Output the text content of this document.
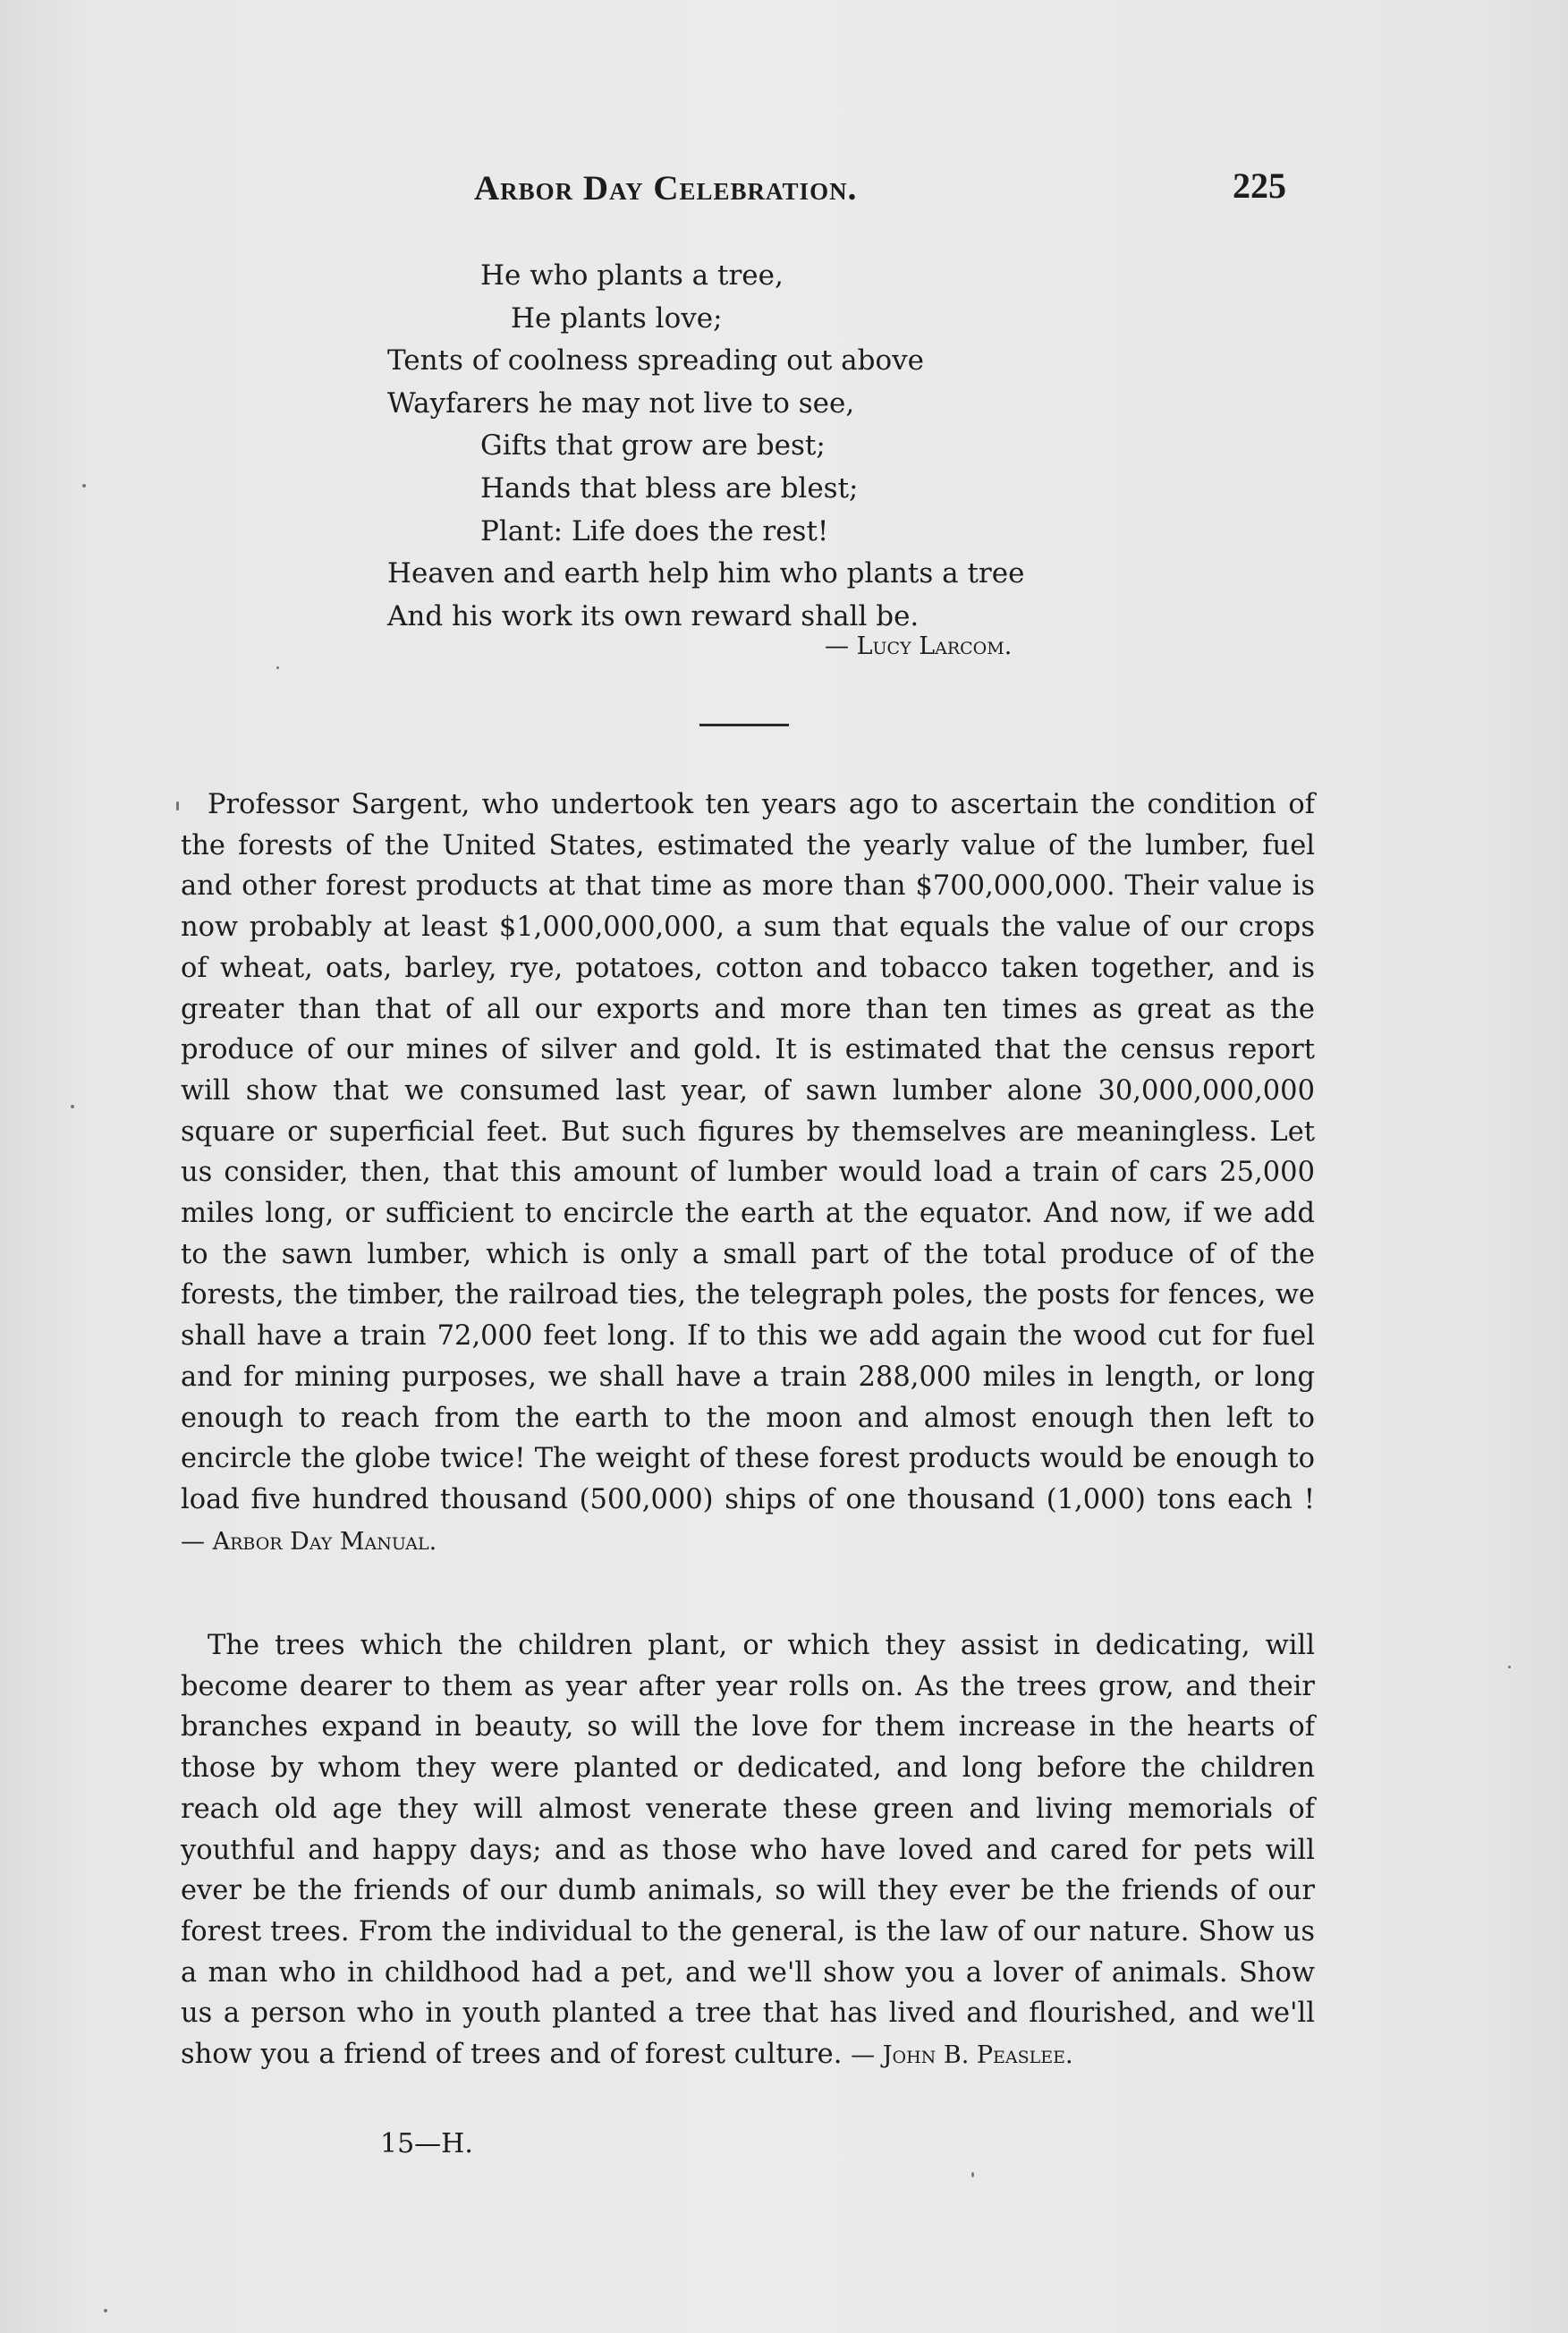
Arbor Day Celebration.	225
He who plants a tree,
He plants love;
Tents of coolness spreading out above
Wayfarers he may not live to see,
Gifts that grow are best;
Hands that bless are blest;
Plant: Life does the rest!
Heaven and earth help him who plants a tree
And his work its own reward shall be.
— Lucy Larcom.
Professor Sargent, who undertook ten years ago to ascertain the condition of the forests of the United States, estimated the yearly value of the lumber, fuel and other forest products at that time as more than $700,000,000. Their value is now probably at least $1,000,000,000, a sum that equals the value of our crops of wheat, oats, barley, rye, potatoes, cotton and tobacco taken together, and is greater than that of all our exports and more than ten times as great as the produce of our mines of silver and gold. It is estimated that the census report will show that we consumed last year, of sawn lumber alone 30,000,000,000 square or superficial feet. But such figures by themselves are meaningless. Let us consider, then, that this amount of lumber would load a train of cars 25,000 miles long, or sufficient to encircle the earth at the equator. And now, if we add to the sawn lumber, which is only a small part of the total produce of of the forests, the timber, the railroad ties, the telegraph poles, the posts for fences, we shall have a train 72,000 feet long. If to this we add again the wood cut for fuel and for mining purposes, we shall have a train 288,000 miles in length, or long enough to reach from the earth to the moon and almost enough then left to encircle the globe twice! The weight of these forest products would be enough to load five hundred thousand (500,000) ships of one thousand (1,000) tons each ! — Arbor Day Manual.
The trees which the children plant, or which they assist in dedicating, will become dearer to them as year after year rolls on. As the trees grow, and their branches expand in beauty, so will the love for them increase in the hearts of those by whom they were planted or dedicated, and long before the children reach old age they will almost venerate these green and living memorials of youthful and happy days; and as those who have loved and cared for pets will ever be the friends of our dumb animals, so will they ever be the friends of our forest trees. From the individual to the general, is the law of our nature. Show us a man who in childhood had a pet, and we'll show you a lover of animals. Show us a person who in youth planted a tree that has lived and flourished, and we'll show you a friend of trees and of forest culture. — John B. Peaslee.
15—H.
